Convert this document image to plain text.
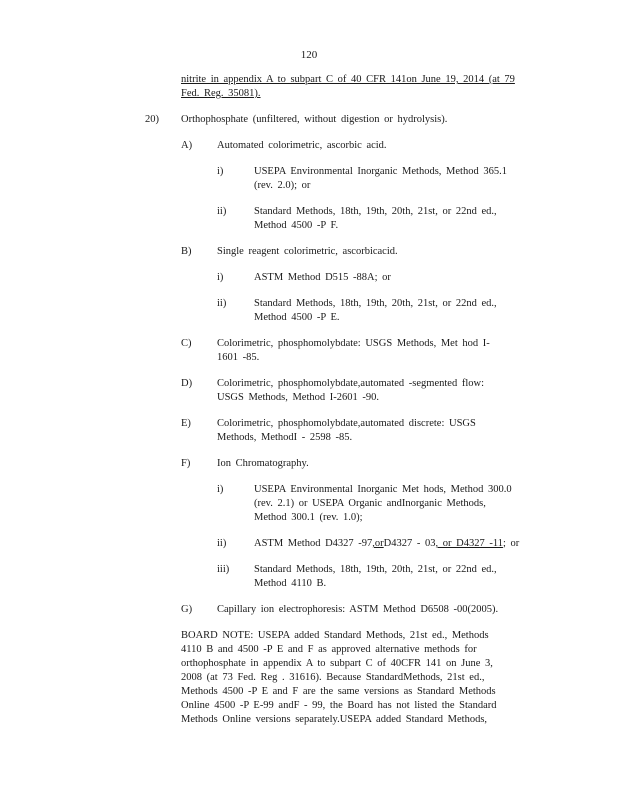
120
nitrite in appendix A to subpart C of 40 CFR 141on June 19, 2014 (at 79
Fed. Reg. 35081).
20) Orthophosphate (unfiltered, without digestion or hydrolysis).
A) Automated colorimetric, ascorbic acid.
i)	USEPA Environmental Inorganic Methods, Method 365.1
(rev. 2.0); or
ii)	Standard Methods, 18th, 19th, 20th, 21st, or 22nd ed.,
Method 4500 -P F.
B) Single reagent colorimetric, ascorbicacid.
i)	ASTM Method D515 -88A; or
ii)	Standard Methods, 18th, 19th, 20th, 21st, or 22nd ed.,
Method 4500 -P E.
C) Colorimetric, phosphomolybdate: USGS Methods, Met hod I-
1601 -85.
D) Colorimetric, phosphomolybdate,automated -segmented flow:
USGS Methods, Method I-2601 -90.
E) Colorimetric, phosphomolybdate,automated discrete: USGS
Methods, MethodI - 2598 -85.
F)	Ion Chromatography.
i)	USEPA Environmental Inorganic Met hods, Method 300.0
(rev. 2.1) or USEPA Organic andInorganic Methods,
Method 300.1 (rev. 1.0);
ii)	ASTM Method D4327 -97,orD4327 - 03, or D4327 -11; or
iii) Standard Methods, 18th, 19th, 20th, 21st, or 22nd ed.,
Method 4110 B.
G) Capillary ion electrophoresis: ASTM Method D6508 -00(2005).
BOARD NOTE: USEPA added Standard Methods, 21st ed., Methods
4110 B and 4500 -P E and F as approved alternative methods for
orthophosphate in appendix A to subpart C of 40CFR 141 on June 3,
2008 (at 73 Fed. Reg . 31616). Because StandardMethods, 21st ed.,
Methods 4500 -P E and F are the same versions as Standard Methods
Online 4500 -P E-99 andF - 99, the Board has not listed the Standard
Methods Online versions separately.USEPA added Standard Methods,
